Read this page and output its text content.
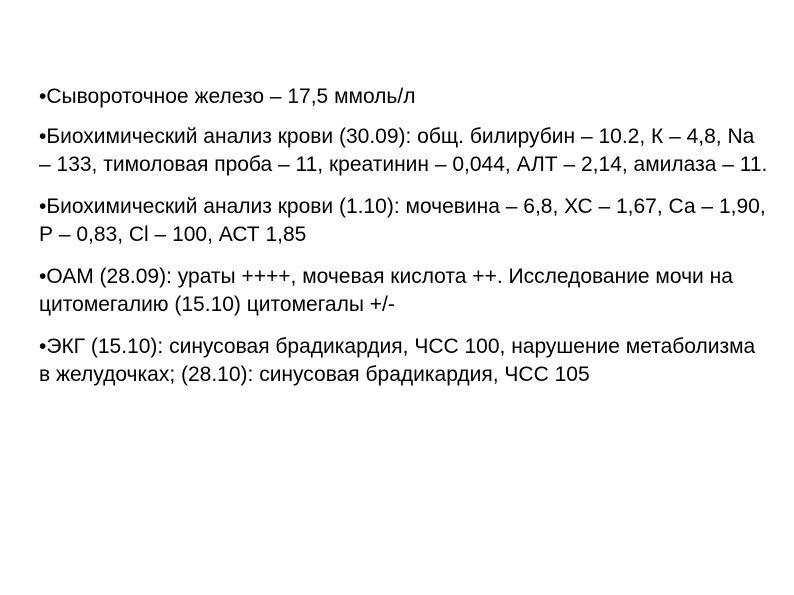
•Сывороточное железо – 17,5 ммоль/л
•Биохимический анализ крови (30.09): общ. билирубин – 10.2, К – 4,8, Na – 133, тимоловая проба – 11, креатинин – 0,044, АЛТ – 2,14, амилаза – 11.
•Биохимический анализ крови (1.10): мочевина – 6,8, ХС – 1,67, Са – 1,90, Р – 0,83, Cl – 100, АСТ 1,85
•ОАМ (28.09): ураты ++++, мочевая кислота ++. Исследование мочи на цитомегалию (15.10) цитомегалы +/-
•ЭКГ (15.10): синусовая брадикардия, ЧСС 100, нарушение метаболизма в желудочках; (28.10): синусовая брадикардия, ЧСС 105
